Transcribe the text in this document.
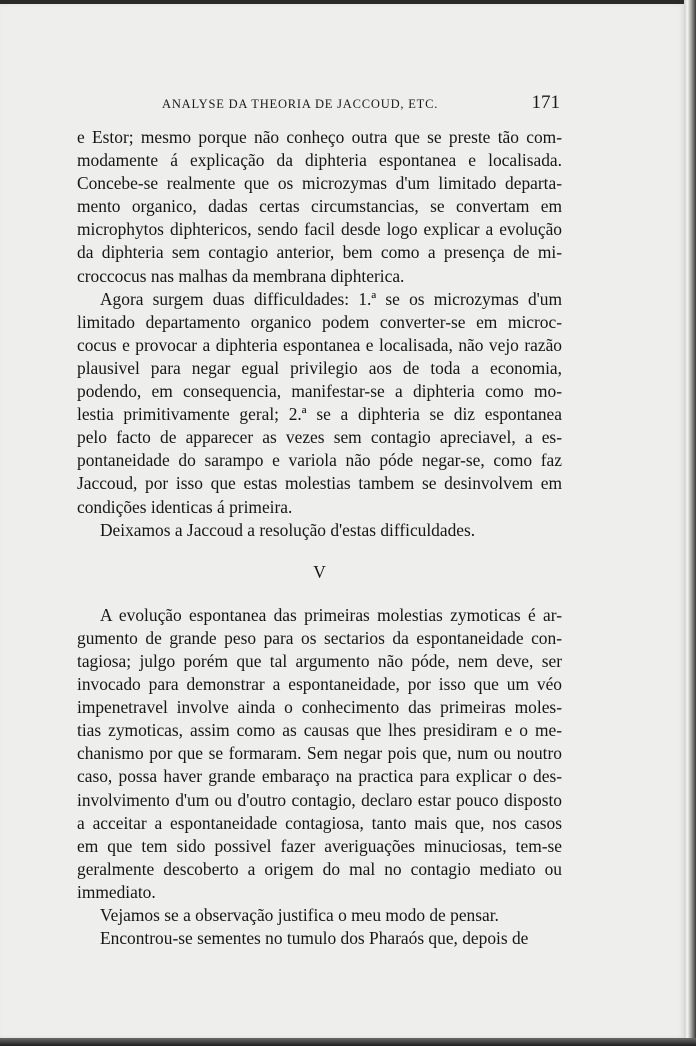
ANALYSE DA THEORIA DE JACCOUD, ETC.	171

e Estor; mesmo porque não conheço outra que se preste tão com-
modamente á explicação da diphteria espontanea e localisada.
Concebe-se realmente que os microzymas d'um limitado departa-
mento organico, dadas certas circumstancias, se convertam em
microphytos diphtericos, sendo facil desde logo explicar a evolução
da diphteria sem contagio anterior, bem como a presença de mi-
croccocus nas malhas da membrana diphterica.

Agora surgem duas difficuldades: 1.ª se os microzymas d'um
limitado departamento organico podem converter-se em microc-
cocus e provocar a diphteria espontanea e localisada, não vejo razão
plausivel para negar egual privilegio aos de toda a economia,
podendo, em consequencia, manifestar-se a diphteria como mo-
lestia primitivamente geral; 2.ª se a diphteria se diz espontanea
pelo facto de apparecer as vezes sem contagio apreciavel, a es-
pontaneidade do sarampo e variola não póde negar-se, como faz
Jaccoud, por isso que estas molestias tambem se desinvolvem em
condições identicas á primeira.

Deixamos a Jaccoud a resolução d'estas difficuldades.

V

A evolução espontanea das primeiras molestias zymoticas é ar-
gumento de grande peso para os sectarios da espontaneidade con-
tagiosa; julgo porém que tal argumento não póde, nem deve, ser
invocado para demonstrar a espontaneidade, por isso que um véo
impenetravel involve ainda o conhecimento das primeiras moles-
tias zymoticas, assim como as causas que lhes presidiram e o me-
chanismo por que se formaram. Sem negar pois que, num ou noutro
caso, possa haver grande embaraço na practica para explicar o des-
involvimento d'um ou d'outro contagio, declaro estar pouco disposto
a acceitar a espontaneidade contagiosa, tanto mais que, nos casos
em que tem sido possivel fazer averiguações minuciosas, tem-se
geralmente descoberto a origem do mal no contagio mediato ou
immediato.

Vejamos se a observação justifica o meu modo de pensar.

Encontrou-se sementes no tumulo dos Pharaós que, depois de
